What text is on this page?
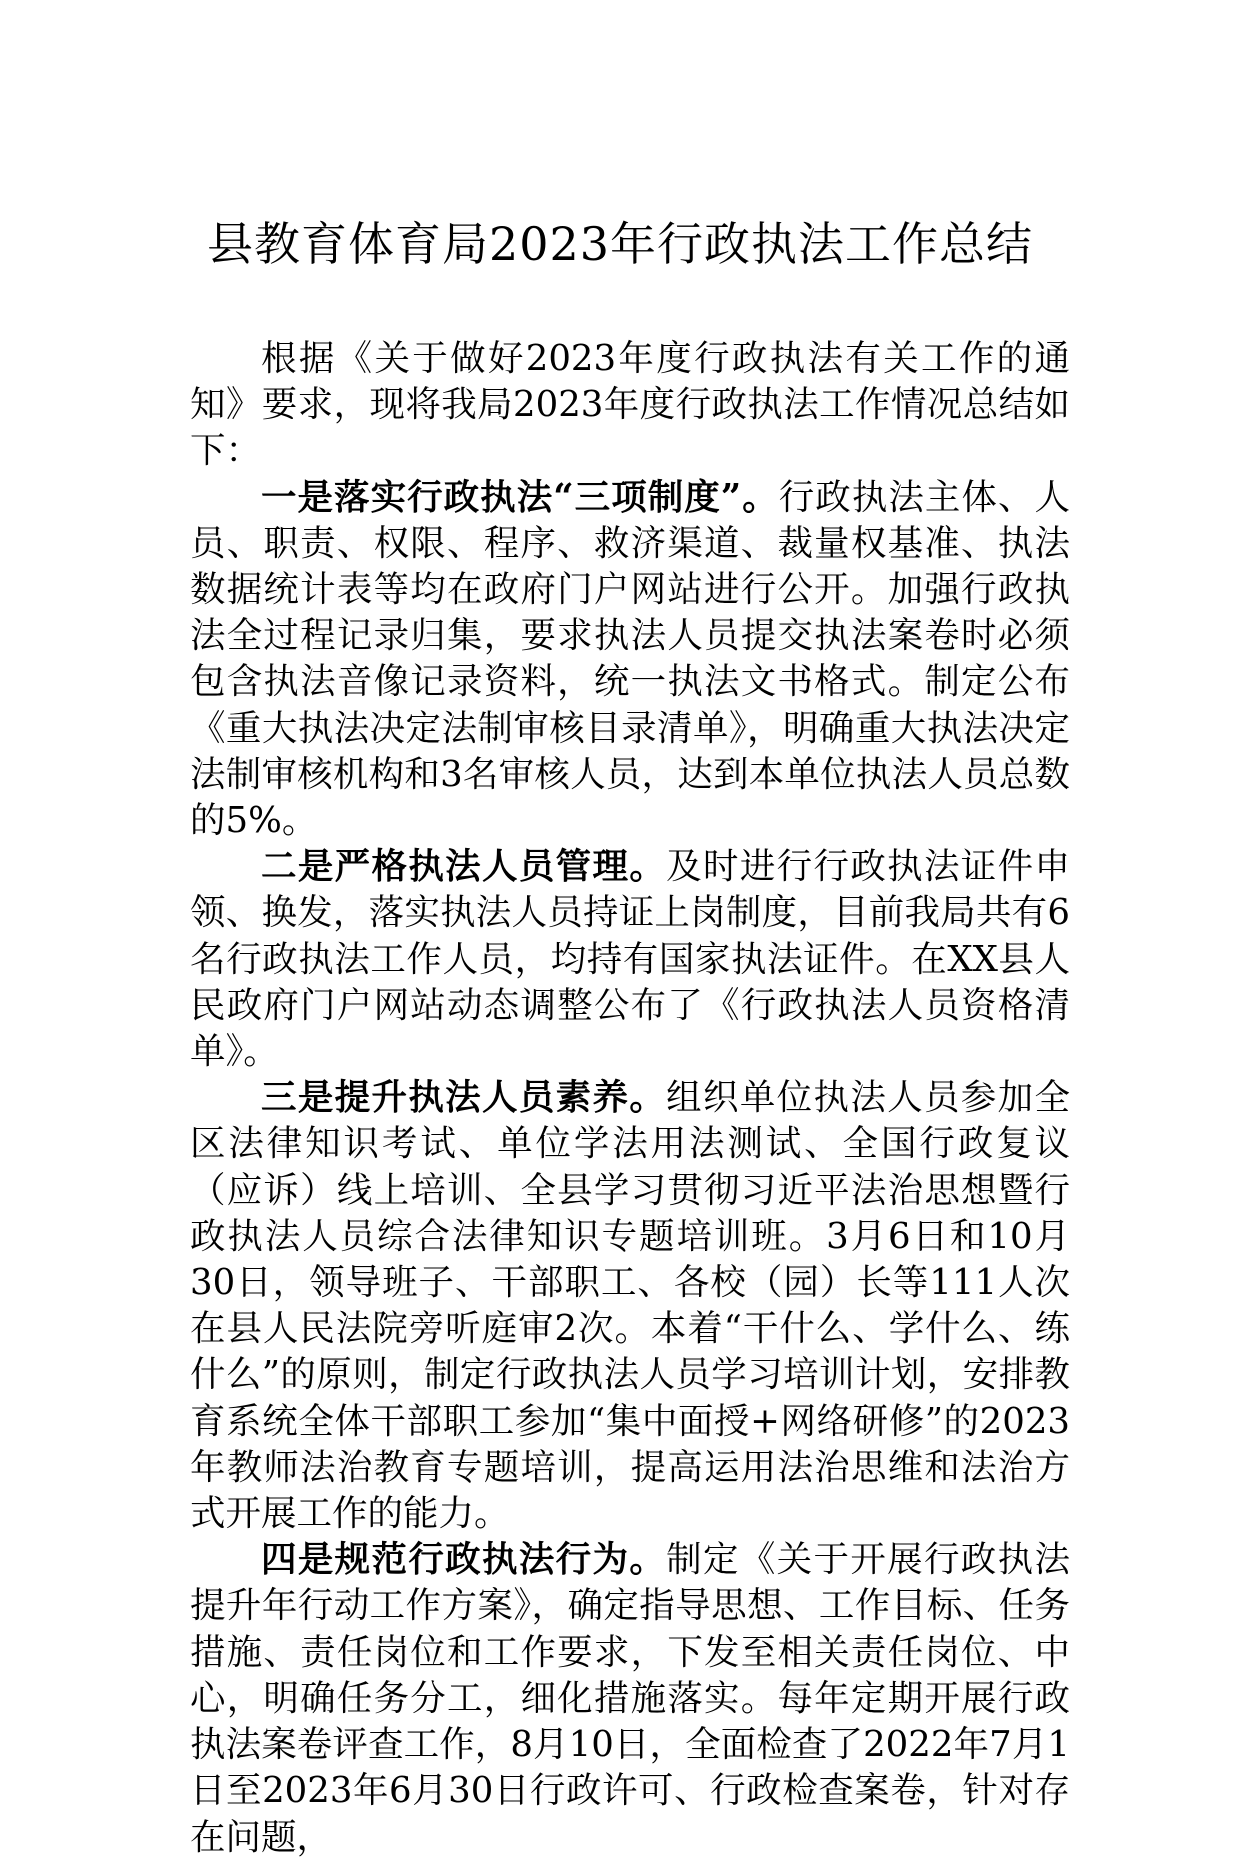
县教育体育局2023年行政执法工作总结

根据《关于做好2023年度行政执法有关工作的通知》要求，现将我局2023年度行政执法工作情况总结如下：

一是落实行政执法“三项制度”。行政执法主体、人员、职责、权限、程序、救济渠道、裁量权基准、执法数据统计表等均在政府门户网站进行公开。加强行政执法全过程记录归集，要求执法人员提交执法案卷时必须包含执法音像记录资料，统一执法文书格式。制定公布《重大执法决定法制审核目录清单》，明确重大执法决定法制审核机构和3名审核人员，达到本单位执法人员总数的5%。

二是严格执法人员管理。及时进行行政执法证件申领、换发，落实执法人员持证上岗制度，目前我局共有6名行政执法工作人员，均持有国家执法证件。在XX县人民政府门户网站动态调整公布了《行政执法人员资格清单》。

三是提升执法人员素养。组织单位执法人员参加全区法律知识考试、单位学法用法测试、全国行政复议（应诉）线上培训、全县学习贯彻习近平法治思想暨行政执法人员综合法律知识专题培训班。3月6日和10月30日，领导班子、干部职工、各校（园）长等111人次在县人民法院旁听庭审2次。本着“干什么、学什么、练什么”的原则，制定行政执法人员学习培训计划，安排教育系统全体干部职工参加“集中面授+网络研修”的2023年教师法治教育专题培训，提高运用法治思维和法治方式开展工作的能力。

四是规范行政执法行为。制定《关于开展行政执法提升年行动工作方案》，确定指导思想、工作目标、任务措施、责任岗位和工作要求，下发至相关责任岗位、中心，明确任务分工，细化措施落实。每年定期开展行政执法案卷评查工作，8月10日，全面检查了2022年7月1日至2023年6月30日行政许可、行政检查案卷，针对存在问题，
